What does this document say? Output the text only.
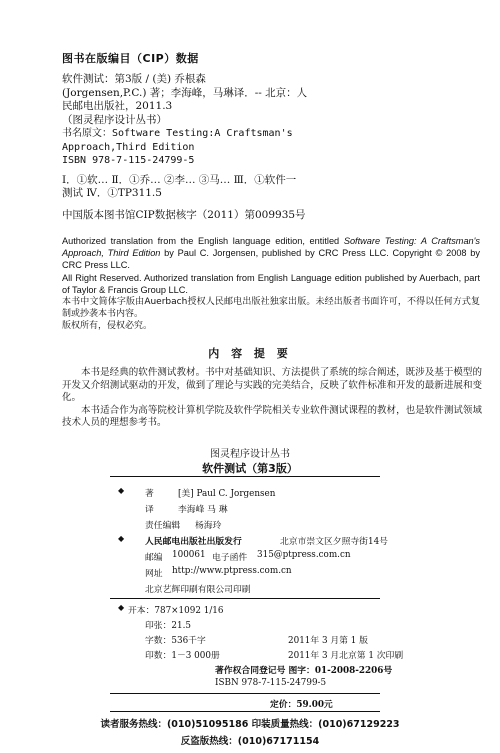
图书在版编目（CIP）数据
软件测试：第3版 / (美) 乔根森
(Jorgensen,P.C.) 著；李海峰，马琳译．-- 北京：人
民邮电出版社，2011.3
（图灵程序设计丛书）
书名原文：Software Testing:A Craftsman's
Approach,Third Edition
ISBN 978-7-115-24799-5
Ⅰ．①软… Ⅱ．①乔… ②李… ③马… Ⅲ．①软件一
测试 Ⅳ．①TP311.5
中国版本图书馆CIP数据核字（2011）第009935号

Authorized translation from the English language edition, entitled Software Testing: A Craftsman's Approach, Third Edition by Paul C. Jorgensen, published by CRC Press LLC. Copyright © 2008 by CRC Press LLC.

All Right Reserved. Authorized translation from English Language edition published by Auerbach, part of Taylor & Francis Group LLC.

本书中文简体字版由Auerbach授权人民邮电出版社独家出版。未经出版者书面许可，不得以任何方式复制或抄袭本书内容。

版权所有，侵权必究。

内 容 提 要

本书是经典的软件测试教材。书中对基础知识、方法提供了系统的综合阐述，既涉及基于模型的开发又介绍测试驱动的开发，做到了理论与实践的完美结合，反映了软件标准和开发的最新进展和变化。

本书适合作为高等院校计算机学院及软件学院相关专业软件测试课程的教材，也是软件测试领域技术人员的理想参考书。

图灵程序设计丛书
软件测试（第3版）
◆ 著	[美] Paul C. Jorgensen
译	李海峰 马 琳
责任编辑 杨海玲
◆ 人民邮电出版社出版发行	北京市崇文区夕照寺街14号
邮编 100061 电子函件 315@ptpress.com.cn
网址 http://www.ptpress.com.cn
北京艺辉印刷有限公司印刷
◆ 开本：787×1092 1/16
印张：21.5
字数：536千字	2011年 3 月第 1 版
印数：1－3 000册	2011年 3 月北京第 1 次印刷
著作权合同登记号 图字：01-2008-2206号
ISBN 978-7-115-24799-5
定价：59.00元
读者服务热线：(010)51095186 印装质量热线：(010)67129223
反盗版热线：(010)67171154
